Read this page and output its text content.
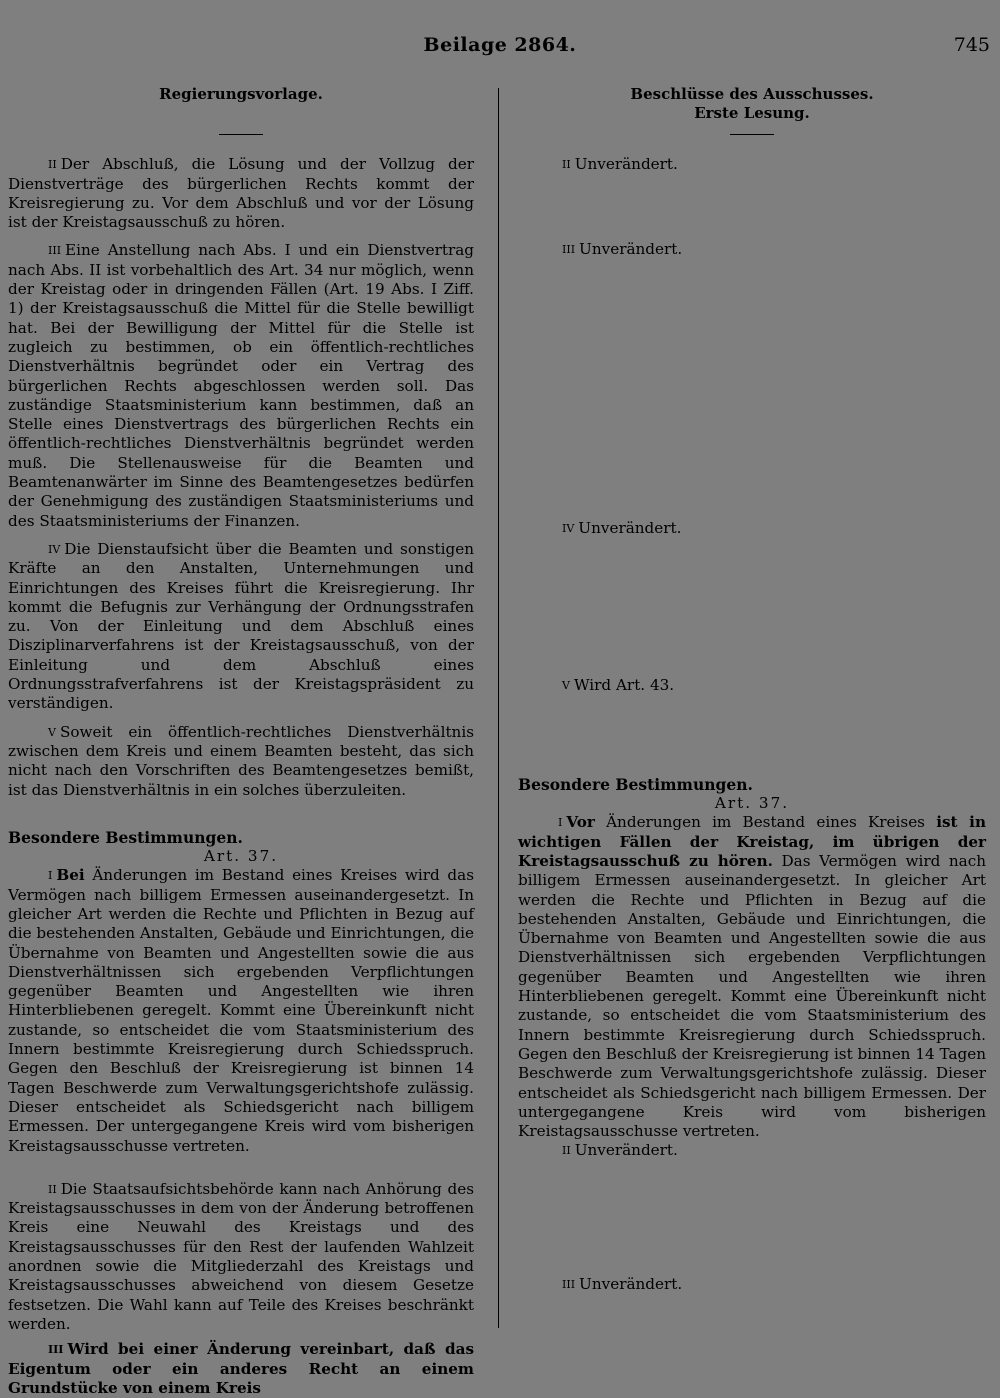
Beilage 2864.	745
Regierungsvorlage.

$^{II}$ Der Abschluß, die Lösung und der Vollzug der Dienstverträge des bürgerlichen Rechts kommt der Kreisregierung zu. Vor dem Abschluß und vor der Lösung ist der Kreistagsausschuß zu hören.

$^{III}$ Eine Anstellung nach Abs. I und ein Dienstvertrag nach Abs. II ist vorbehaltlich des Art. 34 nur möglich, wenn der Kreistag oder in dringenden Fällen (Art. 19 Abs. I Ziff. 1) der Kreistagsausschuß die Mittel für die Stelle bewilligt hat. Bei der Bewilligung der Mittel für die Stelle ist zugleich zu bestimmen, ob ein öffentlich-rechtliches Dienstverhältnis begründet oder ein Vertrag des bürgerlichen Rechts abgeschlossen werden soll. Das zuständige Staatsministerium kann bestimmen, daß an Stelle eines Dienstvertrags des bürgerlichen Rechts ein öffentlich-rechtliches Dienstverhältnis begründet werden muß. Die Stellenausweise für die Beamten und Beamtenanwärter im Sinne des Beamtengesetzes bedürfen der Genehmigung des zuständigen Staatsministeriums und des Staatsministeriums der Finanzen.

$^{IV}$ Die Dienstaufsicht über die Beamten und sonstigen Kräfte an den Anstalten, Unternehmungen und Einrichtungen des Kreises führt die Kreisregierung. Ihr kommt die Befugnis zur Verhängung der Ordnungsstrafen zu. Von der Einleitung und dem Abschluß eines Disziplinarverfahrens ist der Kreistagsausschuß, von der Einleitung und dem Abschluß eines Ordnungsstrafverfahrens ist der Kreistagspräsident zu verständigen.

$^V$ Soweit ein öffentlich-rechtliches Dienstverhältnis zwischen dem Kreis und einem Beamten besteht, das sich nicht nach den Vorschriften des Beamtengesetzes bemißt, ist das Dienstverhältnis in ein solches überzuleiten.

Besondere Bestimmungen.
Art. 37.

$^I$ Bei Änderungen im Bestand eines Kreises wird das Vermögen nach billigem Ermessen auseinandergesetzt. In gleicher Art werden die Rechte und Pflichten in Bezug auf die bestehenden Anstalten, Gebäude und Einrichtungen, die Übernahme von Beamten und Angestellten sowie die aus Dienstverhältnissen sich ergebenden Verpflichtungen gegenüber Beamten und Angestellten wie ihren Hinterbliebenen geregelt. Kommt eine Übereinkunft nicht zustande, so entscheidet die vom Staatsministerium des Innern bestimmte Kreisregierung durch Schiedsspruch. Gegen den Beschluß der Kreisregierung ist binnen 14 Tagen Beschwerde zum Verwaltungsgerichtshofe zulässig. Dieser entscheidet als Schiedsgericht nach billigem Ermessen. Der untergegangene Kreis wird vom bisherigen Kreistagsausschusse vertreten.

$^{II}$ Die Staatsaufsichtsbehörde kann nach Anhörung des Kreistagsausschusses in dem von der Änderung betroffenen Kreis eine Neuwahl des Kreistags und des Kreistagsausschusses für den Rest der laufenden Wahlzeit anordnen sowie die Mitgliederzahl des Kreistags und Kreistagsausschusses abweichend von diesem Gesetze festsetzen. Die Wahl kann auf Teile des Kreises beschränkt werden.

$^{III}$ Wird bei einer Änderung vereinbart, daß das Eigentum oder ein anderes Recht an einem Grundstücke von einem Kreis

Beschlüsse des Ausschusses.
Erste Lesung.

$^{II}$ Unverändert.

$^{III}$ Unverändert.

$^{IV}$ Unverändert.

$^V$ Wird Art. 43.

Besondere Bestimmungen.
Art. 37.

$^I$ Vor Änderungen im Bestand eines Kreises ist in wichtigen Fällen der Kreistag, im übrigen der Kreistagsausschuß zu hören. Das Vermögen wird nach billigem Ermessen auseinandergesetzt. In gleicher Art werden die Rechte und Pflichten in Bezug auf die bestehenden Anstalten, Gebäude und Einrichtungen, die Übernahme von Beamten und Angestellten sowie die aus Dienstverhältnissen sich ergebenden Verpflichtungen gegenüber Beamten und Angestellten wie ihren Hinterbliebenen geregelt. Kommt eine Übereinkunft nicht zustande, so entscheidet die vom Staatsministerium des Innern bestimmte Kreisregierung durch Schiedsspruch. Gegen den Beschluß der Kreisregierung ist binnen 14 Tagen Beschwerde zum Verwaltungsgerichtshofe zulässig. Dieser entscheidet als Schiedsgericht nach billigem Ermessen. Der untergegangene Kreis wird vom bisherigen Kreistagsausschusse vertreten.

$^{II}$ Unverändert.

$^{III}$ Unverändert.
